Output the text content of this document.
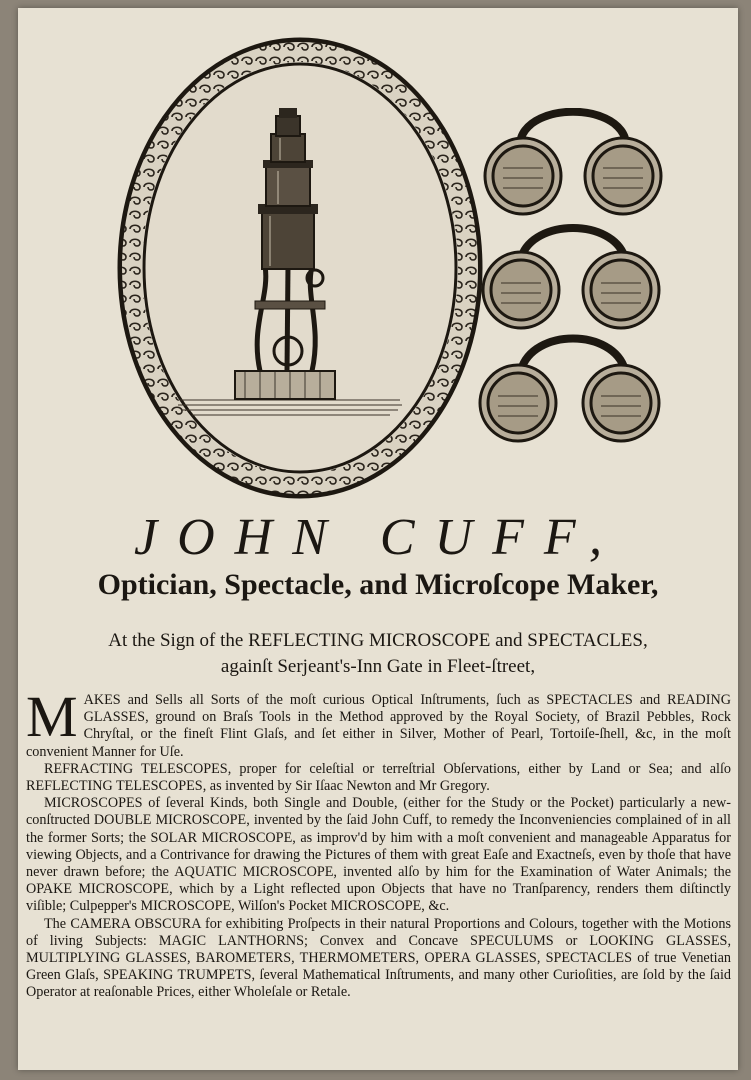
JOHN CUFF,
Optician, Spectacle, and Microſcope Maker,
At the Sign of the REFLECTING MICROSCOPE and SPECTACLES,
againſt Serjeant's-Inn Gate in Fleet-ſtreet,

MAKES and Sells all Sorts of the moſt curious Optical Inſtruments, ſuch as SPECTACLES and READING GLASSES, ground on Braſs Tools in the Method approved by the Royal Society, of Brazil Pebbles, Rock Chryſtal, or the fineſt Flint Glaſs, and ſet either in Silver, Mother of Pearl, Tortoiſe-ſhell, &c, in the moſt convenient Manner for Uſe.

REFRACTING TELESCOPES, proper for celeſtial or terreſtrial Obſervations, either by Land or Sea; and alſo REFLECTING TELESCOPES, as invented by Sir Iſaac Newton and Mr Gregory.

MICROSCOPES of ſeveral Kinds, both Single and Double, (either for the Study or the Pocket) particularly a new-conſtructed DOUBLE MICROSCOPE, invented by the ſaid John Cuff, to remedy the Inconveniencies complained of in all the former Sorts; the SOLAR MICROSCOPE, as improv'd by him with a moſt convenient and manageable Apparatus for viewing Objects, and a Contrivance for drawing the Pictures of them with great Eaſe and Exactneſs, even by thoſe that have never drawn before; the AQUATIC MICROSCOPE, invented alſo by him for the Examination of Water Animals; the OPAKE MICROSCOPE, which by a Light reflected upon Objects that have no Tranſparency, renders them diſtinctly viſible; Culpepper's MICROSCOPE, Wilſon's Pocket MICROSCOPE, &c.

The CAMERA OBSCURA for exhibiting Proſpects in their natural Proportions and Colours, together with the Motions of living Subjects: MAGIC LANTHORNS; Convex and Concave SPECULUMS or LOOKING GLASSES, MULTIPLYING GLASSES, BAROMETERS, THERMOMETERS, OPERA GLASSES, SPECTACLES of true Venetian Green Glaſs, SPEAKING TRUMPETS, ſeveral Mathematical Inſtruments, and many other Curioſities, are ſold by the ſaid Operator at reaſonable Prices, either Wholeſale or Retale.
